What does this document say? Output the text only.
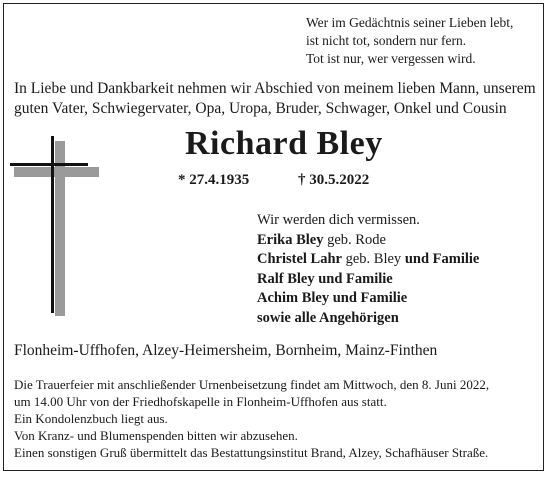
Wer im Gedächtnis seiner Lieben lebt,
ist nicht tot, sondern nur fern.
Tot ist nur, wer vergessen wird.
In Liebe und Dankbarkeit nehmen wir Abschied von meinem lieben Mann, unserem
guten Vater, Schwiegervater, Opa, Uropa, Bruder, Schwager, Onkel und Cousin
Richard Bley
* 27.4.1935	† 30.5.2022
Wir werden dich vermissen.
Erika Bley geb. Rode
Christel Lahr geb. Bley und Familie
Ralf Bley und Familie
Achim Bley und Familie
sowie alle Angehörigen
Flonheim-Uffhofen, Alzey-Heimersheim, Bornheim, Mainz-Finthen
Die Trauerfeier mit anschließender Urnenbeisetzung findet am Mittwoch, den 8. Juni 2022,
um 14.00 Uhr von der Friedhofskapelle in Flonheim-Uffhofen aus statt.
Ein Kondolenzbuch liegt aus.
Von Kranz- und Blumenspenden bitten wir abzusehen.
Einen sonstigen Gruß übermittelt das Bestattungsinstitut Brand, Alzey, Schafhäuser Straße.
